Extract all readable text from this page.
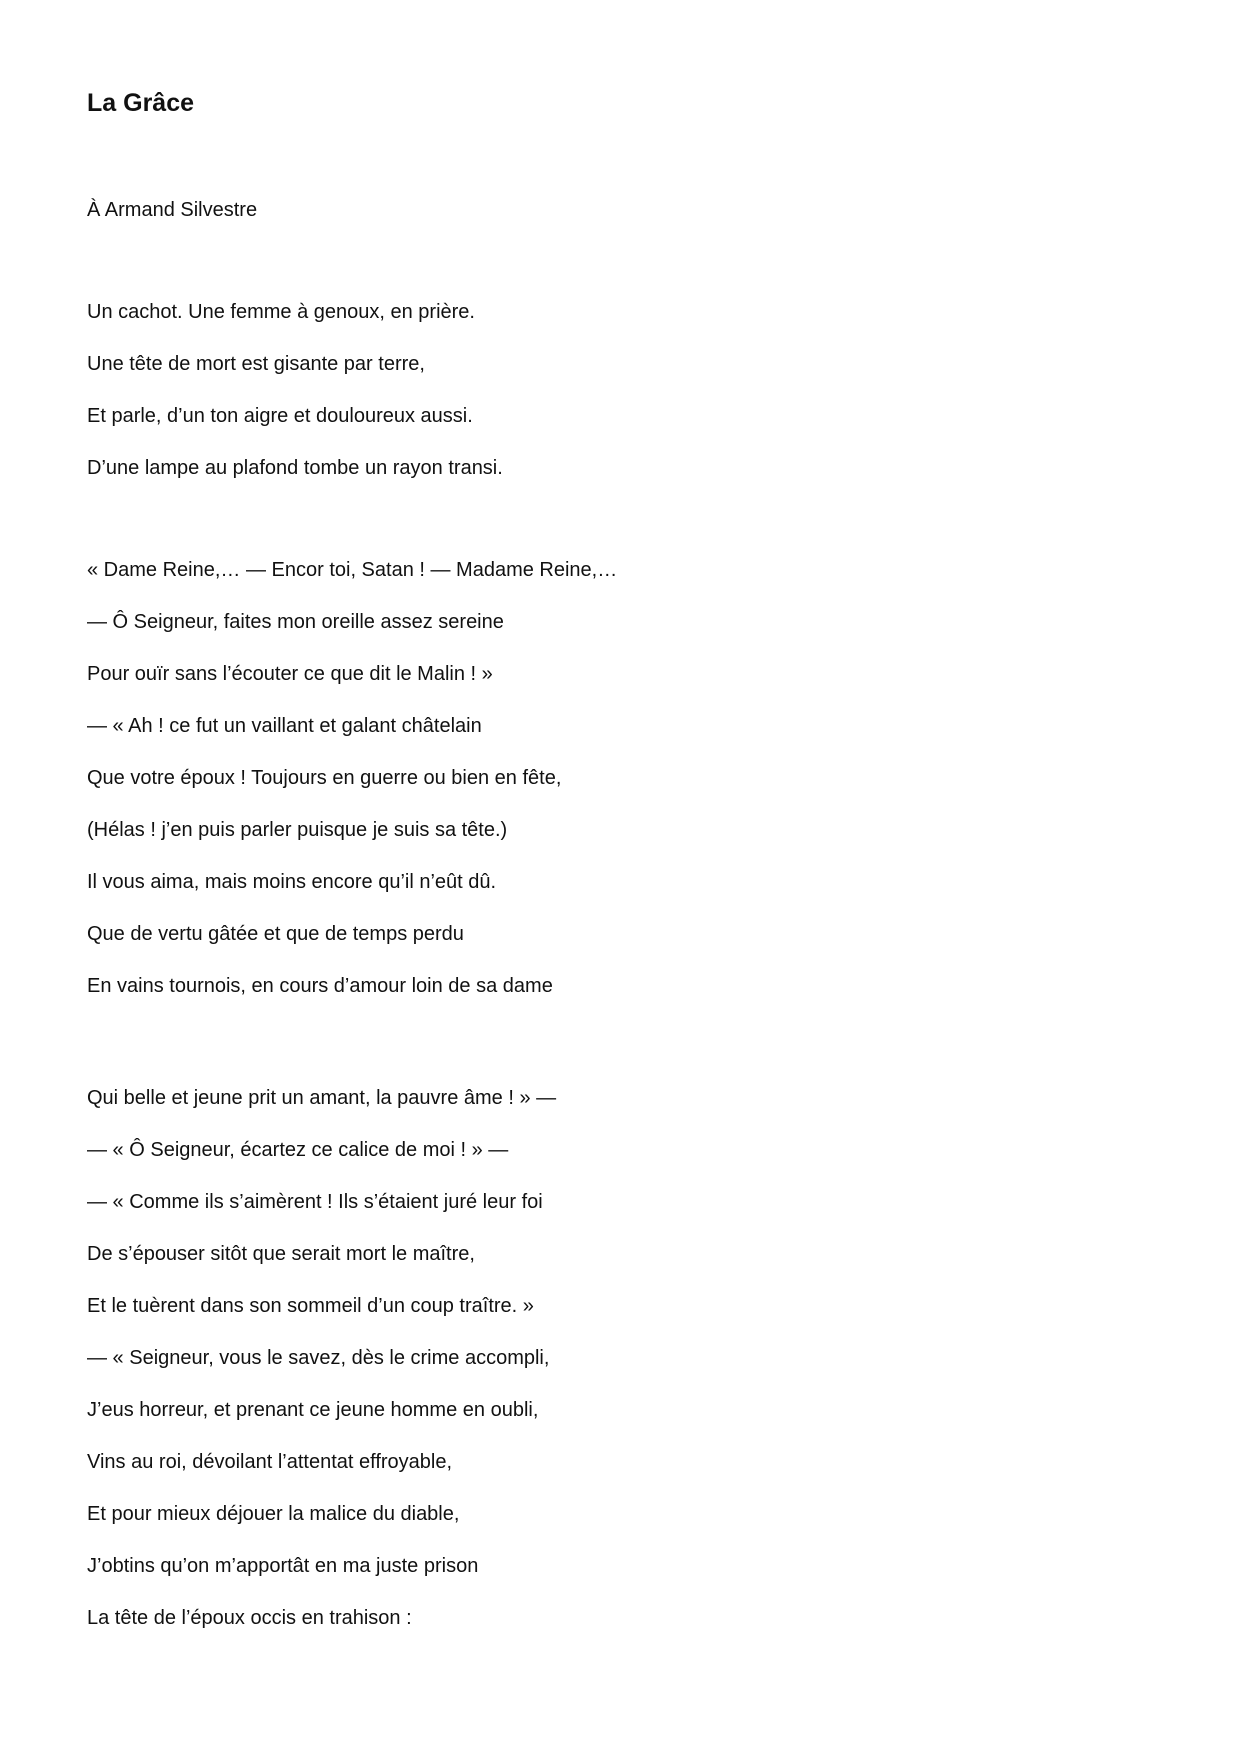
La Grâce

À Armand Silvestre

Un cachot. Une femme à genoux, en prière.
Une tête de mort est gisante par terre,
Et parle, d’un ton aigre et douloureux aussi.
D’une lampe au plafond tombe un rayon transi.
« Dame Reine,… — Encor toi, Satan ! — Madame Reine,…
— Ô Seigneur, faites mon oreille assez sereine
Pour ouïr sans l’écouter ce que dit le Malin ! »
— « Ah ! ce fut un vaillant et galant châtelain
Que votre époux ! Toujours en guerre ou bien en fête,
(Hélas ! j’en puis parler puisque je suis sa tête.)
Il vous aima, mais moins encore qu’il n’eût dû.
Que de vertu gâtée et que de temps perdu
En vains tournois, en cours d’amour loin de sa dame
Qui belle et jeune prit un amant, la pauvre âme ! » —
— « Ô Seigneur, écartez ce calice de moi ! » —
— « Comme ils s’aimèrent ! Ils s’étaient juré leur foi
De s’épouser sitôt que serait mort le maître,
Et le tuèrent dans son sommeil d’un coup traître. »
— « Seigneur, vous le savez, dès le crime accompli,
J’eus horreur, et prenant ce jeune homme en oubli,
Vins au roi, dévoilant l’attentat effroyable,
Et pour mieux déjouer la malice du diable,
J’obtins qu’on m’apportât en ma juste prison
La tête de l’époux occis en trahison :
